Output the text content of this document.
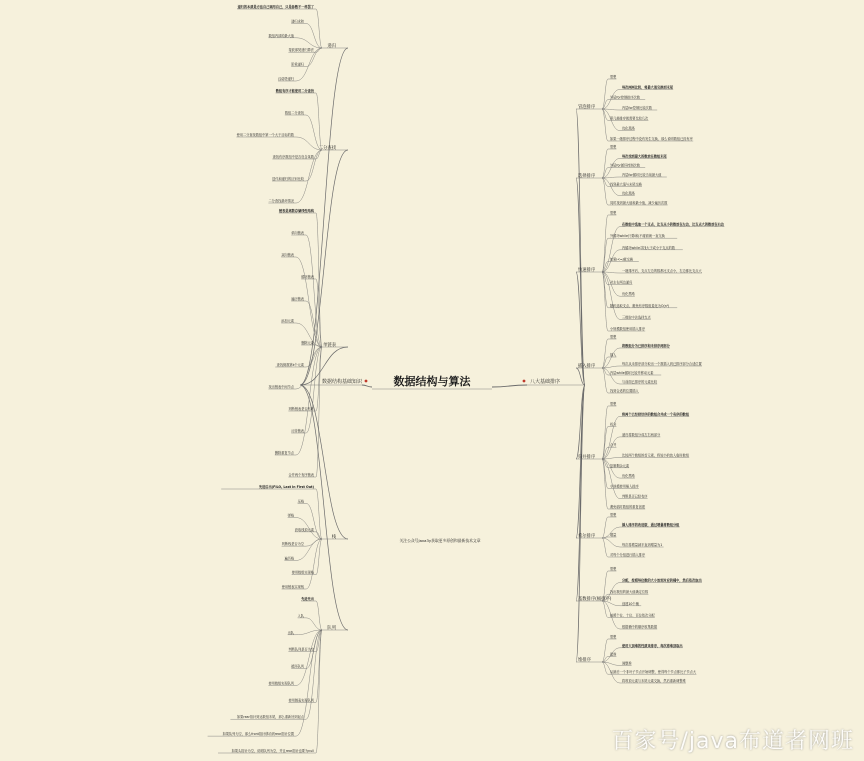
数据结构与算法
数据结构基础知识	八大基础排序
递归
递归的本质是方法自己调用自己，只是参数不一样罢了
递归求和
数组内部的最大值
斐波那契递归算法
阶乘递归
汉诺塔递归
二分查找
数组有序才能使用二分查找
数组二分查找
使用二分查找数组中第一个大于目标的数
查找有序数组中是否包含某数
迭代和递归的区别比较
二分查找最坏情况
单链表
链表是离散存储线性结构
单向链表
双向链表
循环链表
遍历链表
添加元素
删除元素
查找倒数第k个元素
找出链表中间节点
判断链表是否有环
反转链表
删除重复节点
合并两个有序链表
栈
先进后出(FILO, Last In First Out)
压栈
弹栈
获取栈顶元素
判断栈是否为空
遍历栈
使用数组实现栈
使用链表实现栈
队列
先进先出
入队
出队
判断队列是否为空
循环队列
使用数组实现队列
使用链表实现队列
如果rear指针到达数组末尾，那么重新回到起点
如果队列为空，那么front指针移动到rear指针位置
如果头指针为空，说明队列为空，并且rear指针也要为null
冒泡排序
思想
每次两两比较，将最大值交换到末尾
外层for控制排序次数
内层for控制比较次数
第几趟排序就需要比较几次
优化思路
如果一趟排序过程中没有发生交换，那么说明数组已经有序
选择排序
思想
每次找到最大的数放在数组末尾
外层for循环控制次数
内层for循环比较当前最大值
找到最大值与末尾交换
优化思路
同时找到最大值和最小值，减少遍历次数
快速排序
思想
在数组中选取一个支点，比支点小的数放在左边，比支点大的数放在右边
外循环while只要i和j不碰面就一直交换
内循环while寻找大于或小于支点的数
如果i<=j就交换
一趟排序后，支点左边的数都比支点小，右边都比支点大
对左右两边递归
优化思路
随机选取支点，避免有序数组退化为O(n²)
三数取中法选择支点
小规模数组使用插入排序
插入排序
思想
将数组分为已排序和未排序两部分
插入
每次从未排序部分取出一个数插入到已排序部分合适位置
内层while循环比较并移动元素
与前面已排序的元素比较
找到合适的位置插入
归并排序
思想
将两个已经排好序的数组合并成一个有序的数组
拆分
递归将数组分成左右两部分
合并
比较两个数组的首元素，将较小的放入临时数组
复制剩余元素
优化思路
小规模使用插入排序
判断是否已经有序
避免临时数组的重复创建
希尔排序
思想
插入排序的改进版，通过增量将数组分组
增量
每次将增量减半直到增量为1
对每个分组进行插入排序
基数排序(桶排序)
思想
分配，按照每位数的大小放到对应的桶中，然后依次取出
找出数组的最大值确定位数
创建10个桶
按照个位、十位、百位依次分配
根据桶中的顺序收集数据
堆排序
思想
使用大顶堆的性质来排序，每次将堆顶取出
建堆
调整堆
从最后一个非叶子节点开始调整，使得每个节点都比子节点大
将堆顶元素与末尾元素交换，然后重新调整堆
关注公众号Java3y获取更多原创和最新技术文章
百家号/java布道者网班
